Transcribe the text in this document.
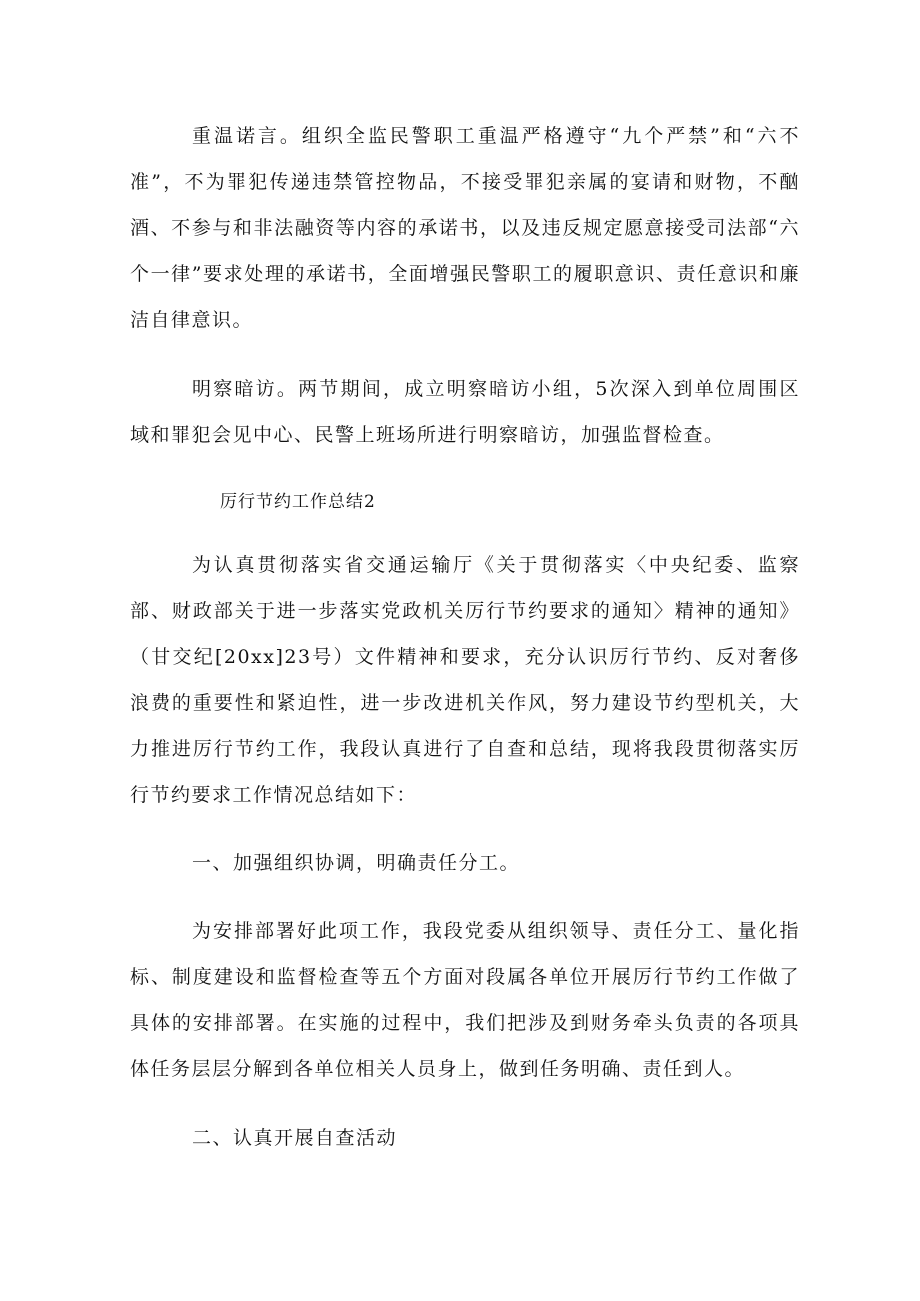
重温诺言。组织全监民警职工重温严格遵守“九个严禁”和“六不准”，不为罪犯传递违禁管控物品，不接受罪犯亲属的宴请和财物，不酗酒、不参与和非法融资等内容的承诺书，以及违反规定愿意接受司法部“六个一律”要求处理的承诺书，全面增强民警职工的履职意识、责任意识和廉洁自律意识。

明察暗访。两节期间，成立明察暗访小组，5次深入到单位周围区域和罪犯会见中心、民警上班场所进行明察暗访，加强监督检查。

厉行节约工作总结2

为认真贯彻落实省交通运输厅《关于贯彻落实〈中央纪委、监察部、财政部关于进一步落实党政机关厉行节约要求的通知〉精神的通知》（甘交纪[20xx]23号）文件精神和要求，充分认识厉行节约、反对奢侈浪费的重要性和紧迫性，进一步改进机关作风，努力建设节约型机关，大力推进厉行节约工作，我段认真进行了自查和总结，现将我段贯彻落实厉行节约要求工作情况总结如下：

一、加强组织协调，明确责任分工。

为安排部署好此项工作，我段党委从组织领导、责任分工、量化指标、制度建设和监督检查等五个方面对段属各单位开展厉行节约工作做了具体的安排部署。在实施的过程中，我们把涉及到财务牵头负责的各项具体任务层层分解到各单位相关人员身上，做到任务明确、责任到人。

二、认真开展自查活动
